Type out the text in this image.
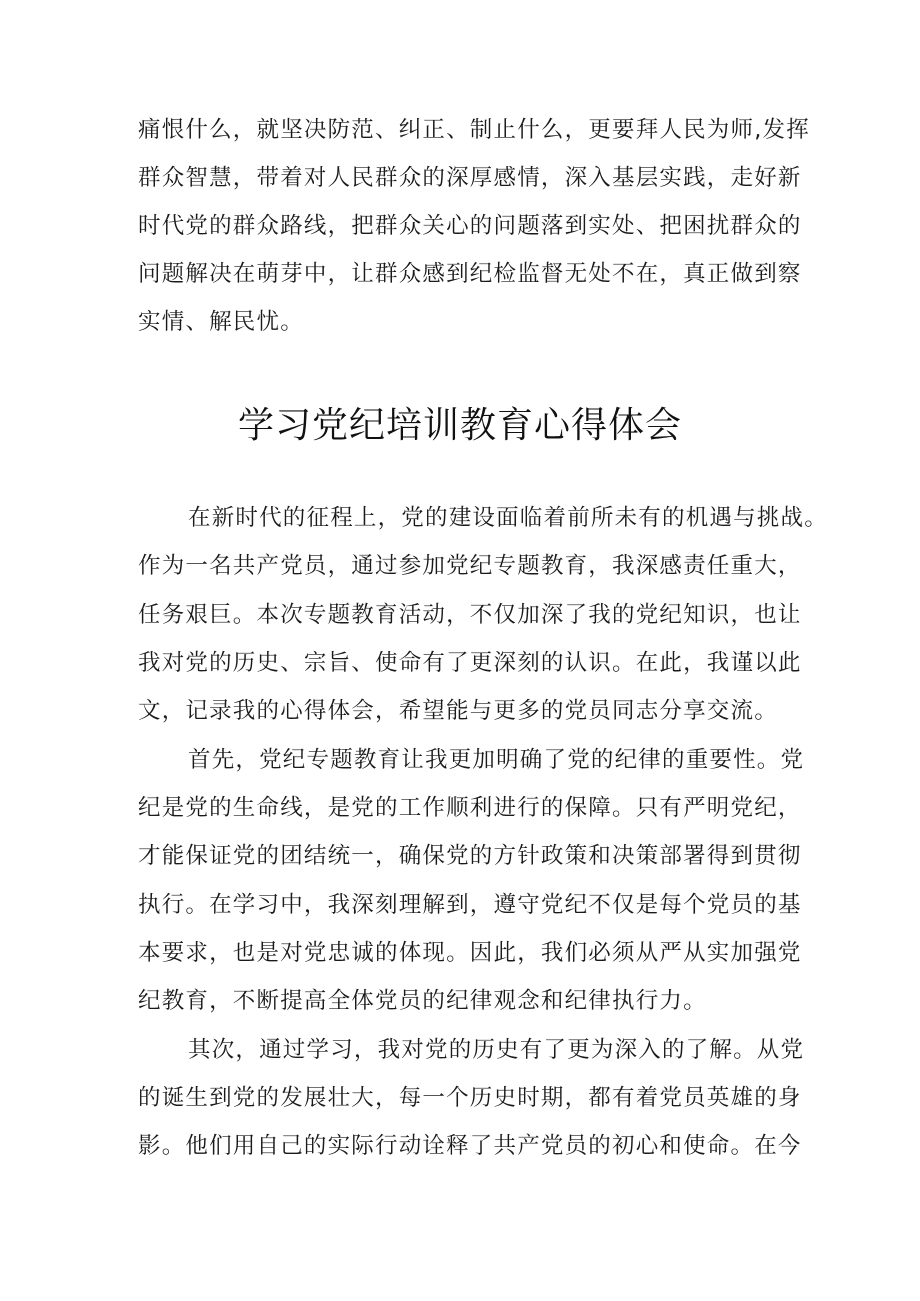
痛恨什么，就坚决防范、纠正、制止什么，更要拜人民为师,发挥
群众智慧，带着对人民群众的深厚感情，深入基层实践，走好新
时代党的群众路线，把群众关心的问题落到实处、把困扰群众的
问题解决在萌芽中，让群众感到纪检监督无处不在，真正做到察
实情、解民忧。
学习党纪培训教育心得体会
在新时代的征程上，党的建设面临着前所未有的机遇与挑战。
作为一名共产党员，通过参加党纪专题教育，我深感责任重大，
任务艰巨。本次专题教育活动，不仅加深了我的党纪知识，也让
我对党的历史、宗旨、使命有了更深刻的认识。在此，我谨以此
文，记录我的心得体会，希望能与更多的党员同志分享交流。
首先，党纪专题教育让我更加明确了党的纪律的重要性。党
纪是党的生命线，是党的工作顺利进行的保障。只有严明党纪，
才能保证党的团结统一，确保党的方针政策和决策部署得到贯彻
执行。在学习中，我深刻理解到，遵守党纪不仅是每个党员的基
本要求，也是对党忠诚的体现。因此，我们必须从严从实加强党
纪教育，不断提高全体党员的纪律观念和纪律执行力。
其次，通过学习，我对党的历史有了更为深入的了解。从党
的诞生到党的发展壮大，每一个历史时期，都有着党员英雄的身
影。他们用自己的实际行动诠释了共产党员的初心和使命。在今
